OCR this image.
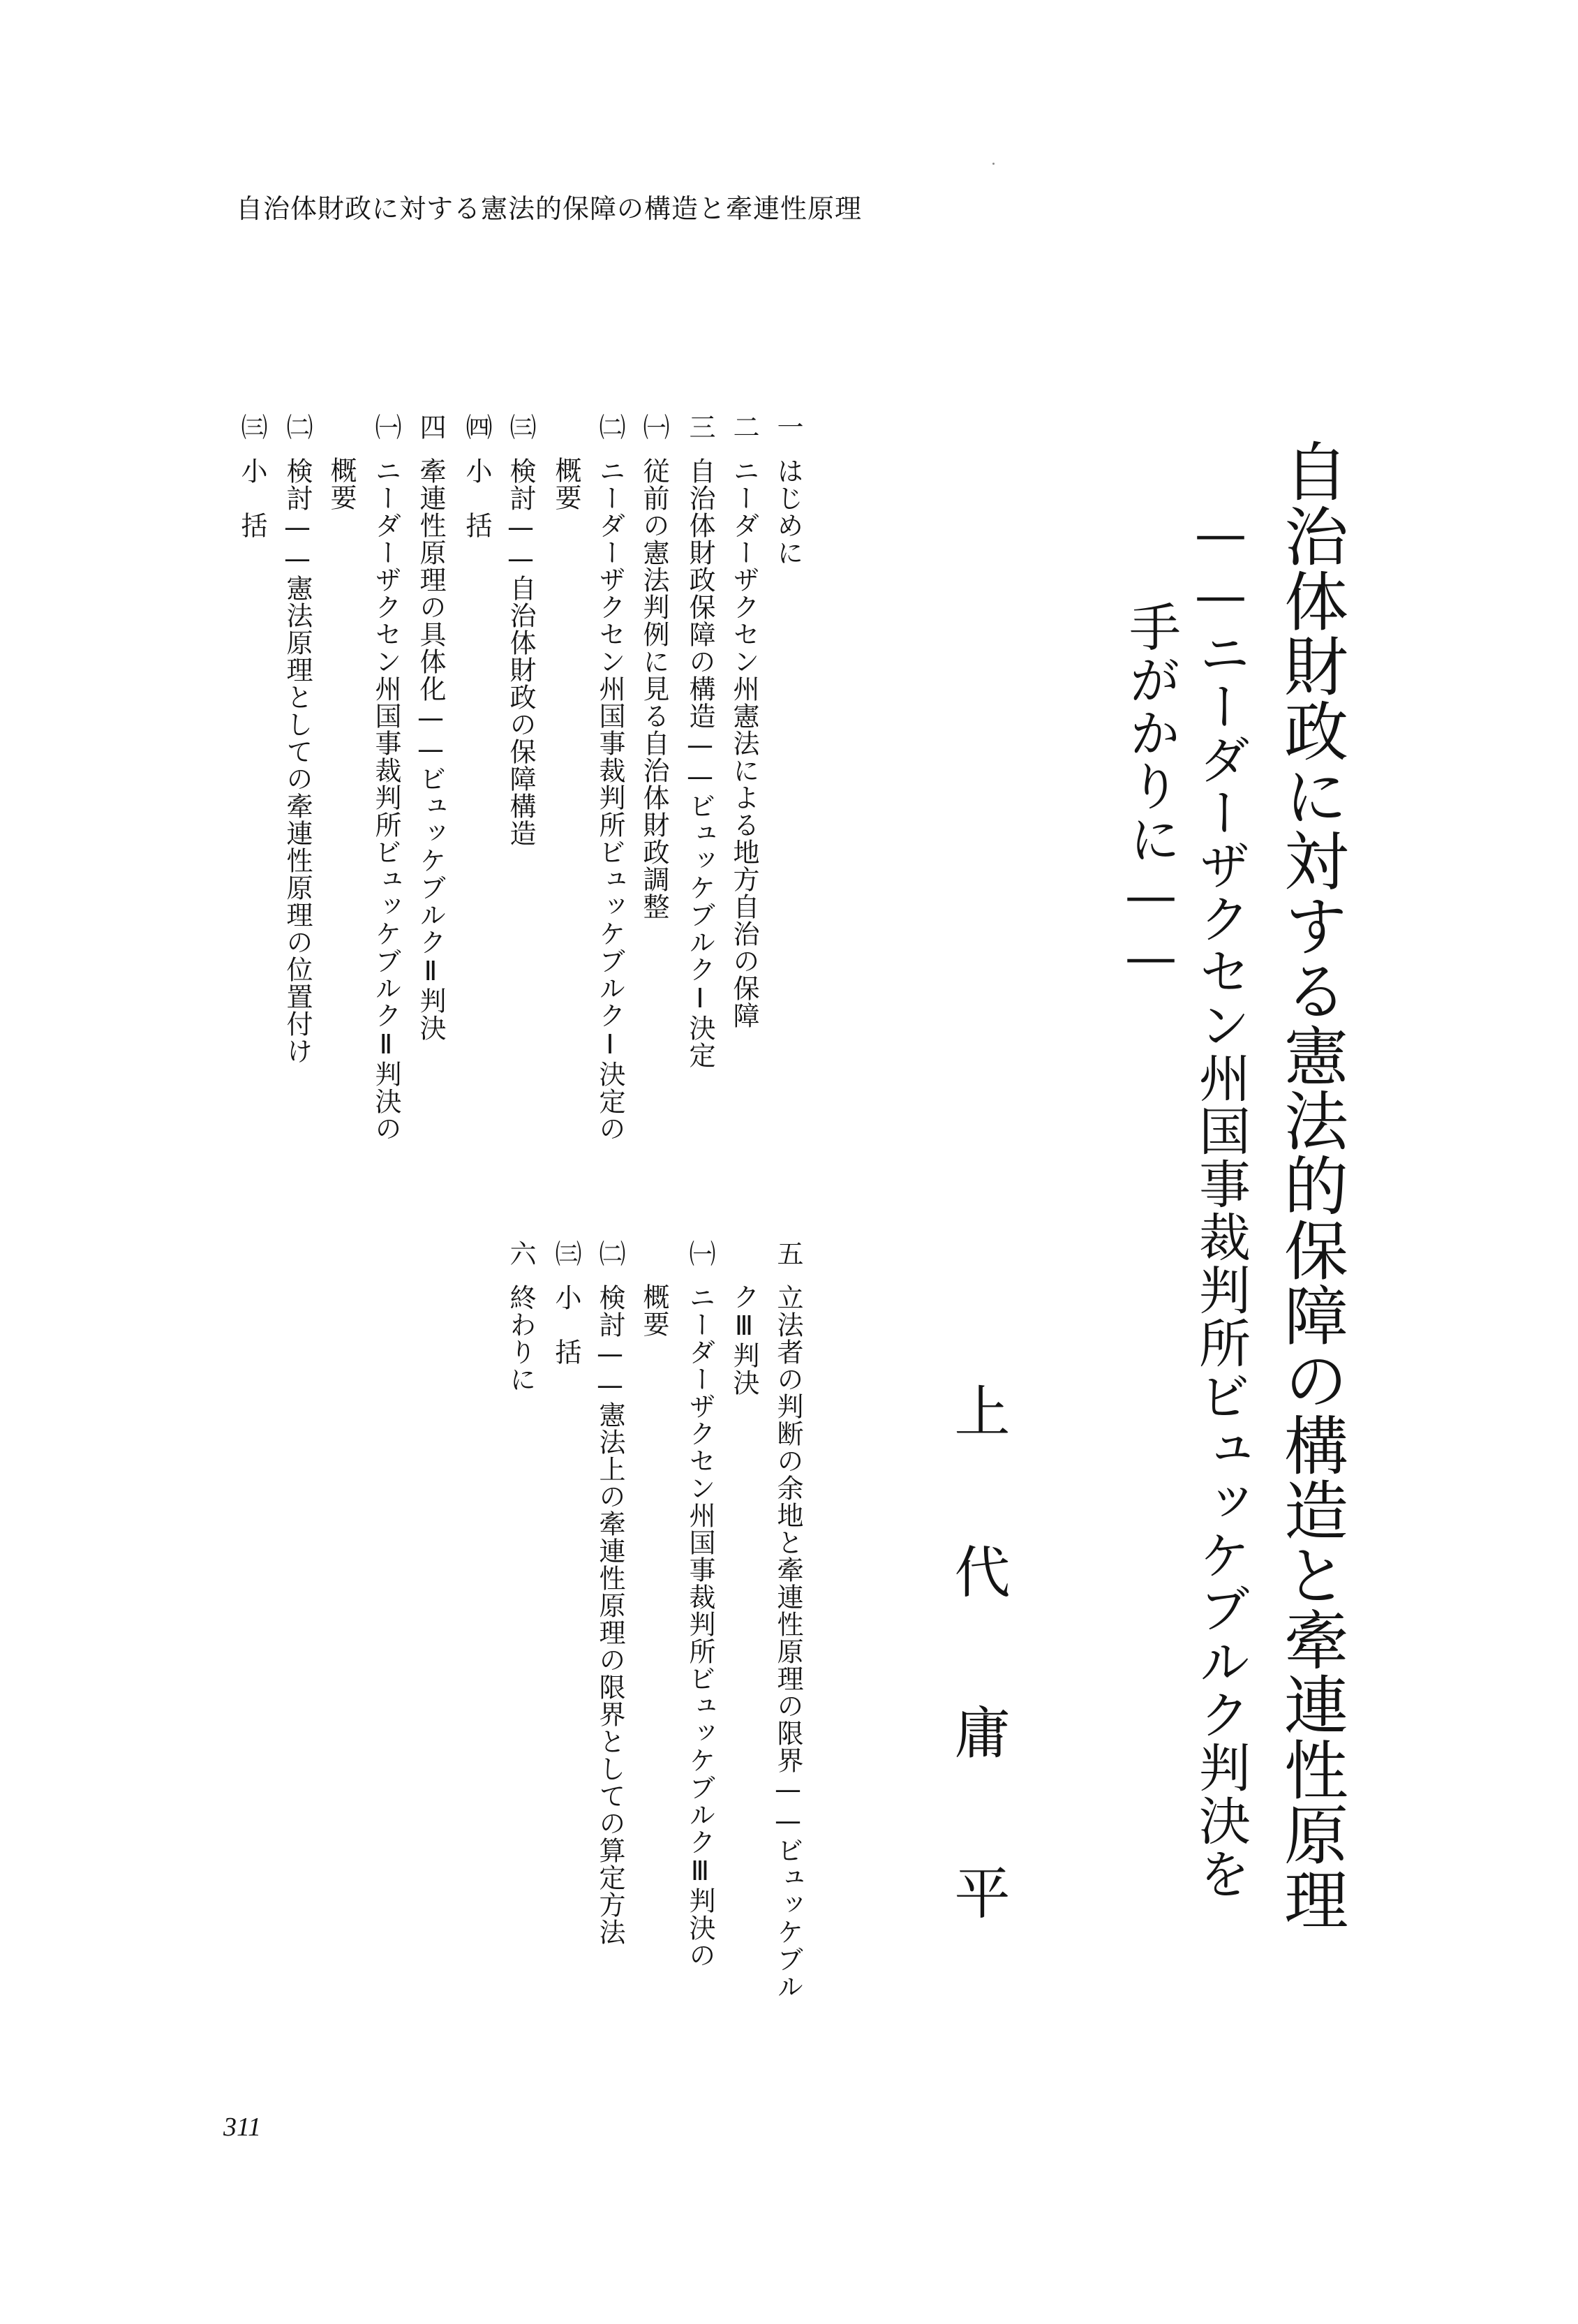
自治体財政に対する憲法的保障の構造と牽連性原理
自治体財政に対する憲法的保障の構造と牽連性原理
——ニーダーザクセン州国事裁判所ビュッケブルク判決を
手がかりに——
上代庸平
一はじめに
二ニーダーザクセン州憲法による地方自治の保障
三自治体財政保障の構造——ビュッケブルクⅠ決定
㈠従前の憲法判例に見る自治体財政調整
㈡ニーダーザクセン州国事裁判所ビュッケブルクⅠ決定の
概要
㈢検討——自治体財政の保障構造
㈣小　括
四牽連性原理の具体化——ビュッケブルクⅡ判決
㈠ニーダーザクセン州国事裁判所ビュッケブルクⅡ判決の
概要
㈡検討——憲法原理としての牽連性原理の位置付け
㈢小　括
五立法者の判断の余地と牽連性原理の限界——ビュッケブル
クⅢ判決
㈠ニーダーザクセン州国事裁判所ビュッケブルクⅢ判決の
概要
㈡検討——憲法上の牽連性原理の限界としての算定方法
㈢小　括
六終わりに
311
